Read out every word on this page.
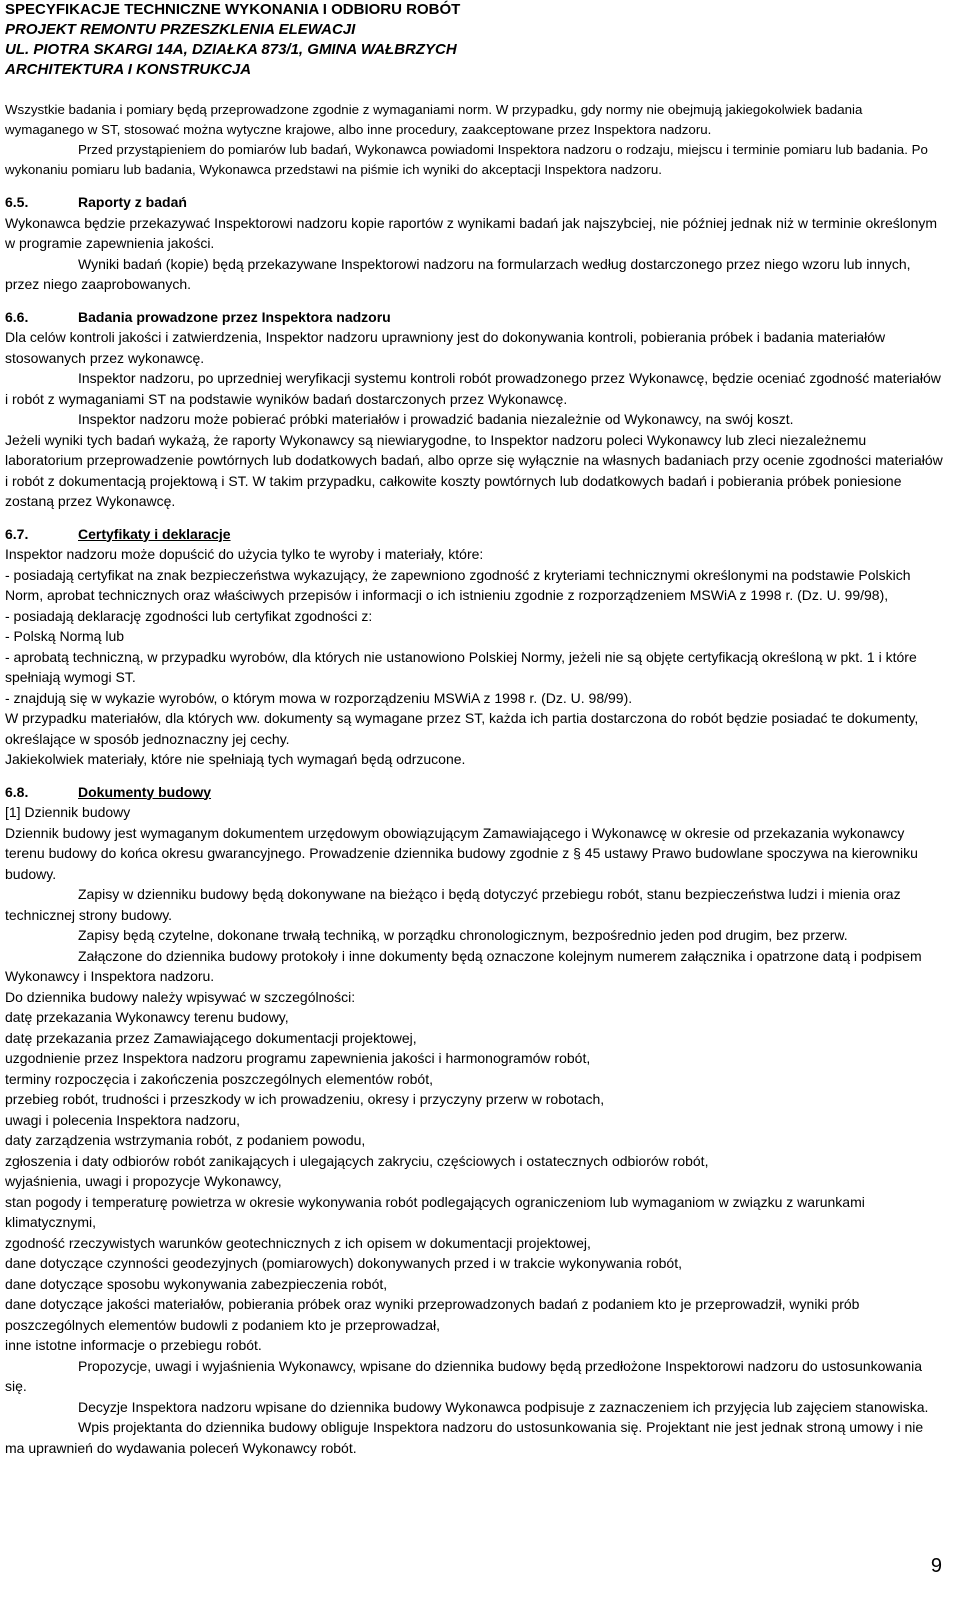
SPECYFIKACJE TECHNICZNE WYKONANIA I ODBIORU ROBÓT
PROJEKT REMONTU PRZESZKLENIA ELEWACJI
UL. PIOTRA SKARGI 14A, DZIAŁKA 873/1, GMINA WAŁBRZYCH
ARCHITEKTURA I KONSTRUKCJA

Wszystkie badania i pomiary będą przeprowadzone zgodnie z wymaganiami norm. W przypadku, gdy normy nie obejmują jakiegokolwiek badania wymaganego w ST, stosować można wytyczne krajowe, albo inne procedury, zaakceptowane przez Inspektora nadzoru.

Przed przystąpieniem do pomiarów lub badań, Wykonawca powiadomi Inspektora nadzoru o rodzaju, miejscu i terminie pomiaru lub badania. Po wykonaniu pomiaru lub badania, Wykonawca przedstawi na piśmie ich wyniki do akceptacji Inspektora nadzoru.

6.5.	Raporty z badań

Wykonawca będzie przekazywać Inspektorowi nadzoru kopie raportów z wynikami badań jak najszybciej, nie później jednak niż w terminie określonym w programie zapewnienia jakości.

Wyniki badań (kopie) będą przekazywane Inspektorowi nadzoru na formularzach według dostarczonego przez niego wzoru lub innych, przez niego zaaprobowanych.

6.6.	Badania prowadzone przez Inspektora nadzoru

Dla celów kontroli jakości i zatwierdzenia, Inspektor nadzoru uprawniony jest do dokonywania kontroli, pobierania próbek i badania materiałów stosowanych przez wykonawcę.

Inspektor nadzoru, po uprzedniej weryfikacji systemu kontroli robót prowadzonego przez Wykonawcę, będzie oceniać zgodność materiałów i robót z wymaganiami ST na podstawie wyników badań dostarczonych przez Wykonawcę.

Inspektor nadzoru może pobierać próbki materiałów i prowadzić badania niezależnie od Wykonawcy, na swój koszt.

Jeżeli wyniki tych badań wykażą, że raporty Wykonawcy są niewiarygodne, to Inspektor nadzoru poleci Wykonawcy lub zleci niezależnemu laboratorium przeprowadzenie powtórnych lub dodatkowych badań, albo oprze się wyłącznie na własnych badaniach przy ocenie zgodności materiałów i robót z dokumentacją projektową i ST. W takim przypadku, całkowite koszty powtórnych lub dodatkowych badań i pobierania próbek poniesione zostaną przez Wykonawcę.

6.7.	Certyfikaty i deklaracje

Inspektor nadzoru może dopuścić do użycia tylko te wyroby i materiały, które:

- posiadają certyfikat na znak bezpieczeństwa wykazujący, że zapewniono zgodność z kryteriami technicznymi określonymi na podstawie Polskich Norm, aprobat technicznych oraz właściwych przepisów i informacji o ich istnieniu zgodnie z rozporządzeniem MSWiA z 1998 r. (Dz. U. 99/98),

- posiadają deklarację zgodności lub certyfikat zgodności z:

- Polską Normą lub

- aprobatą techniczną, w przypadku wyrobów, dla których nie ustanowiono Polskiej Normy, jeżeli nie są objęte certyfikacją określoną w pkt. 1 i które spełniają wymogi ST.

- znajdują się w wykazie wyrobów, o którym mowa w rozporządzeniu MSWiA z 1998 r. (Dz. U. 98/99).

W przypadku materiałów, dla których ww. dokumenty są wymagane przez ST, każda ich partia dostarczona do robót będzie posiadać te dokumenty, określające w sposób jednoznaczny jej cechy.

Jakiekolwiek materiały, które nie spełniają tych wymagań będą odrzucone.

6.8.	Dokumenty budowy

[1] Dziennik budowy

Dziennik budowy jest wymaganym dokumentem urzędowym obowiązującym Zamawiającego i Wykonawcę w okresie od przekazania wykonawcy terenu budowy do końca okresu gwarancyjnego. Prowadzenie dziennika budowy zgodnie z § 45 ustawy Prawo budowlane spoczywa na kierowniku budowy.

Zapisy w dzienniku budowy będą dokonywane na bieżąco i będą dotyczyć przebiegu robót, stanu bezpieczeństwa ludzi i mienia oraz technicznej strony budowy.

Zapisy będą czytelne, dokonane trwałą techniką, w porządku chronologicznym, bezpośrednio jeden pod drugim, bez przerw.

Załączone do dziennika budowy protokoły i inne dokumenty będą oznaczone kolejnym numerem załącznika i opatrzone datą i podpisem Wykonawcy i Inspektora nadzoru.

Do dziennika budowy należy wpisywać w szczególności:

datę przekazania Wykonawcy terenu budowy,

datę przekazania przez Zamawiającego dokumentacji projektowej,

uzgodnienie przez Inspektora nadzoru programu zapewnienia jakości i harmonogramów robót,

terminy rozpoczęcia i zakończenia poszczególnych elementów robót,

przebieg robót, trudności i przeszkody w ich prowadzeniu, okresy i przyczyny przerw w robotach,

uwagi i polecenia Inspektora nadzoru,

daty zarządzenia wstrzymania robót, z podaniem powodu,

zgłoszenia i daty odbiorów robót zanikających i ulegających zakryciu, częściowych i ostatecznych odbiorów robót,

wyjaśnienia, uwagi i propozycje Wykonawcy,

stan pogody i temperaturę powietrza w okresie wykonywania robót podlegających ograniczeniom lub wymaganiom w związku z warunkami klimatycznymi,

zgodność rzeczywistych warunków geotechnicznych z ich opisem w dokumentacji projektowej,

dane dotyczące czynności geodezyjnych (pomiarowych) dokonywanych przed i w trakcie wykonywania robót,

dane dotyczące sposobu wykonywania zabezpieczenia robót,

dane dotyczące jakości materiałów, pobierania próbek oraz wyniki przeprowadzonych badań z podaniem kto je przeprowadził, wyniki prób poszczególnych elementów budowli z podaniem kto je przeprowadzał,

inne istotne informacje o przebiegu robót.

Propozycje, uwagi i wyjaśnienia Wykonawcy, wpisane do dziennika budowy będą przedłożone Inspektorowi nadzoru do ustosunkowania się.

Decyzje Inspektora nadzoru wpisane do dziennika budowy Wykonawca podpisuje z zaznaczeniem ich przyjęcia lub zajęciem stanowiska.

Wpis projektanta do dziennika budowy obliguje Inspektora nadzoru do ustosunkowania się. Projektant nie jest jednak stroną umowy i nie ma uprawnień do wydawania poleceń Wykonawcy robót.

9
